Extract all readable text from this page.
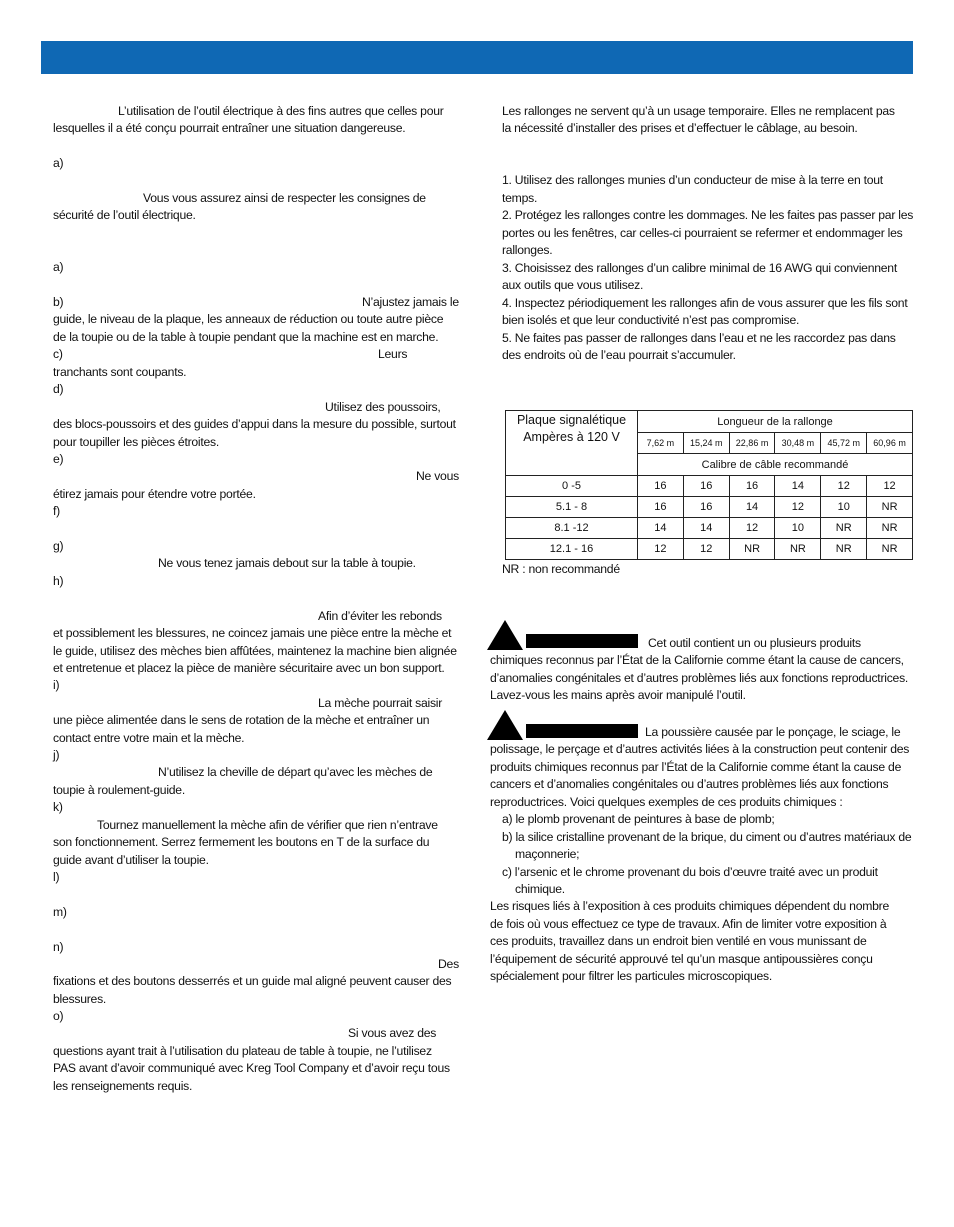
L’utilisation de l’outil électrique à des fins autres que celles pour

lesquelles il a été conçu pourrait entraîner une situation dangereuse.

a)

Vous vous assurez ainsi de respecter les consignes de

sécurité de l’outil électrique.

a)

b)	N’ajustez jamais le

guide, le niveau de la plaque, les anneaux de réduction ou toute autre pièce

de la toupie ou de la table à toupie pendant que la machine est en marche.

c)	Leurs

tranchants sont coupants.

d)

Utilisez des poussoirs,

des blocs-poussoirs et des guides d’appui dans la mesure du possible, surtout

pour toupiller les pièces étroites.

e)

Ne vous

étirez jamais pour étendre votre portée.

f)

g)

Ne vous tenez jamais debout sur la table à toupie.

h)

Afin d’éviter les rebonds

et possiblement les blessures, ne coincez jamais une pièce entre la mèche et

le guide, utilisez des mèches bien affûtées, maintenez la machine bien alignée

et entretenue et placez la pièce de manière sécuritaire avec un bon support.

i)

La mèche pourrait saisir

une pièce alimentée dans le sens de rotation de la mèche et entraîner un

contact entre votre main et la mèche.

j)

N’utilisez la cheville de départ qu’avec les mèches de

toupie à roulement-guide.

k)

Tournez manuellement la mèche afin de vérifier que rien n’entrave

son fonctionnement. Serrez fermement les boutons en T de la surface du

guide avant d’utiliser la toupie.

l)

m)

n)

Des

fixations et des boutons desserrés et un guide mal aligné peuvent causer des

blessures.

o)

Si vous avez des

questions ayant trait à l’utilisation du plateau de table à toupie, ne l’utilisez

PAS avant d’avoir communiqué avec Kreg Tool Company et d’avoir reçu tous

les renseignements requis.

Les rallonges ne servent qu’à un usage temporaire. Elles ne remplacent pas

la nécessité d’installer des prises et d’effectuer le câblage, au besoin.

1. Utilisez des rallonges munies d’un conducteur de mise à la terre en tout temps.

2. Protégez les rallonges contre les dommages. Ne les faites pas passer par les portes ou les fenêtres, car celles-ci pourraient se refermer et endommager les rallonges.

3. Choisissez des rallonges d’un calibre minimal de 16 AWG qui conviennent aux outils que vous utilisez.

4. Inspectez périodiquement les rallonges afin de vous assurer que les fils sont bien isolés et que leur conductivité n’est pas compromise.

5. Ne faites pas passer de rallonges dans l’eau et ne les raccordez pas dans des endroits où de l’eau pourrait s’accumuler.

Plaque signalétique Ampères à 120 V	Longueur de la rallonge					
	7,62 m	15,24 m	22,86 m	30,48 m	45,72 m	60,96 m
	Calibre de câble recommandé					
0 -5	16	16	16	14	12	12
5.1 - 8	16	16	14	12	10	NR
8.1 -12	14	14	12	10	NR	NR
12.1 - 16	12	12	NR	NR	NR	NR

NR : non recommandé

Cet outil contient un ou plusieurs produits

chimiques reconnus par l’État de la Californie comme étant la cause de cancers, d’anomalies congénitales et d’autres problèmes liés aux fonctions reproductrices. Lavez-vous les mains après avoir manipulé l’outil.

La poussière causée par le ponçage, le sciage, le

polissage, le perçage et d’autres activités liées à la construction peut contenir des produits chimiques reconnus par l’État de la Californie comme étant la cause de cancers et d’anomalies congénitales ou d’autres problèmes liés aux fonctions reproductrices. Voici quelques exemples de ces produits chimiques :

a) le plomb provenant de peintures à base de plomb;

b) la silice cristalline provenant de la brique, du ciment ou d’autres matériaux de maçonnerie;

c) l’arsenic et le chrome provenant du bois d’œuvre traité avec un produit chimique.

Les risques liés à l’exposition à ces produits chimiques dépendent du nombre de fois où vous effectuez ce type de travaux. Afin de limiter votre exposition à ces produits, travaillez dans un endroit bien ventilé en vous munissant de l’équipement de sécurité approuvé tel qu’un masque antipoussières conçu spécialement pour filtrer les particules microscopiques.
